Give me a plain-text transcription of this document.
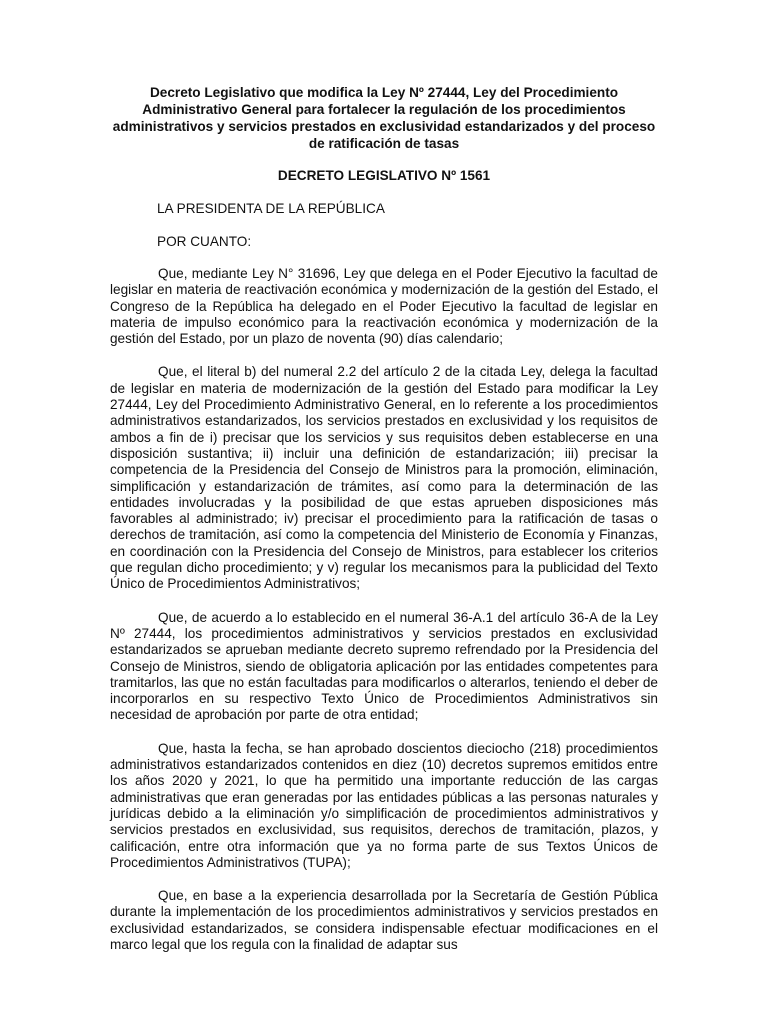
Decreto Legislativo que modifica la Ley Nº 27444, Ley del Procedimiento Administrativo General para fortalecer la regulación de los procedimientos administrativos y servicios prestados en exclusividad estandarizados y del proceso de ratificación de tasas

DECRETO LEGISLATIVO Nº 1561

LA PRESIDENTA DE LA REPÚBLICA

POR CUANTO:

Que, mediante Ley N° 31696, Ley que delega en el Poder Ejecutivo la facultad de legislar en materia de reactivación económica y modernización de la gestión del Estado, el Congreso de la República ha delegado en el Poder Ejecutivo la facultad de legislar en materia de impulso económico para la reactivación económica y modernización de la gestión del Estado, por un plazo de noventa (90) días calendario;

Que, el literal b) del numeral 2.2 del artículo 2 de la citada Ley, delega la facultad de legislar en materia de modernización de la gestión del Estado para modificar la Ley 27444, Ley del Procedimiento Administrativo General, en lo referente a los procedimientos administrativos estandarizados, los servicios prestados en exclusividad y los requisitos de ambos a fin de i) precisar que los servicios y sus requisitos deben establecerse en una disposición sustantiva; ii) incluir una definición de estandarización; iii) precisar la competencia de la Presidencia del Consejo de Ministros para la promoción, eliminación, simplificación y estandarización de trámites, así como para la determinación de las entidades involucradas y la posibilidad de que estas aprueben disposiciones más favorables al administrado; iv) precisar el procedimiento para la ratificación de tasas o derechos de tramitación, así como la competencia del Ministerio de Economía y Finanzas, en coordinación con la Presidencia del Consejo de Ministros, para establecer los criterios que regulan dicho procedimiento; y v) regular los mecanismos para la publicidad del Texto Único de Procedimientos Administrativos;

Que, de acuerdo a lo establecido en el numeral 36-A.1 del artículo 36-A de la Ley Nº 27444, los procedimientos administrativos y servicios prestados en exclusividad estandarizados se aprueban mediante decreto supremo refrendado por la Presidencia del Consejo de Ministros, siendo de obligatoria aplicación por las entidades competentes para tramitarlos, las que no están facultadas para modificarlos o alterarlos, teniendo el deber de incorporarlos en su respectivo Texto Único de Procedimientos Administrativos sin necesidad de aprobación por parte de otra entidad;

Que, hasta la fecha, se han aprobado doscientos dieciocho (218) procedimientos administrativos estandarizados contenidos en diez (10) decretos supremos emitidos entre los años 2020 y 2021, lo que ha permitido una importante reducción de las cargas administrativas que eran generadas por las entidades públicas a las personas naturales y jurídicas debido a la eliminación y/o simplificación de procedimientos administrativos y servicios prestados en exclusividad, sus requisitos, derechos de tramitación, plazos, y calificación, entre otra información que ya no forma parte de sus Textos Únicos de Procedimientos Administrativos (TUPA);

Que, en base a la experiencia desarrollada por la Secretaría de Gestión Pública durante la implementación de los procedimientos administrativos y servicios prestados en exclusividad estandarizados, se considera indispensable efectuar modificaciones en el marco legal que los regula con la finalidad de adaptar sus
